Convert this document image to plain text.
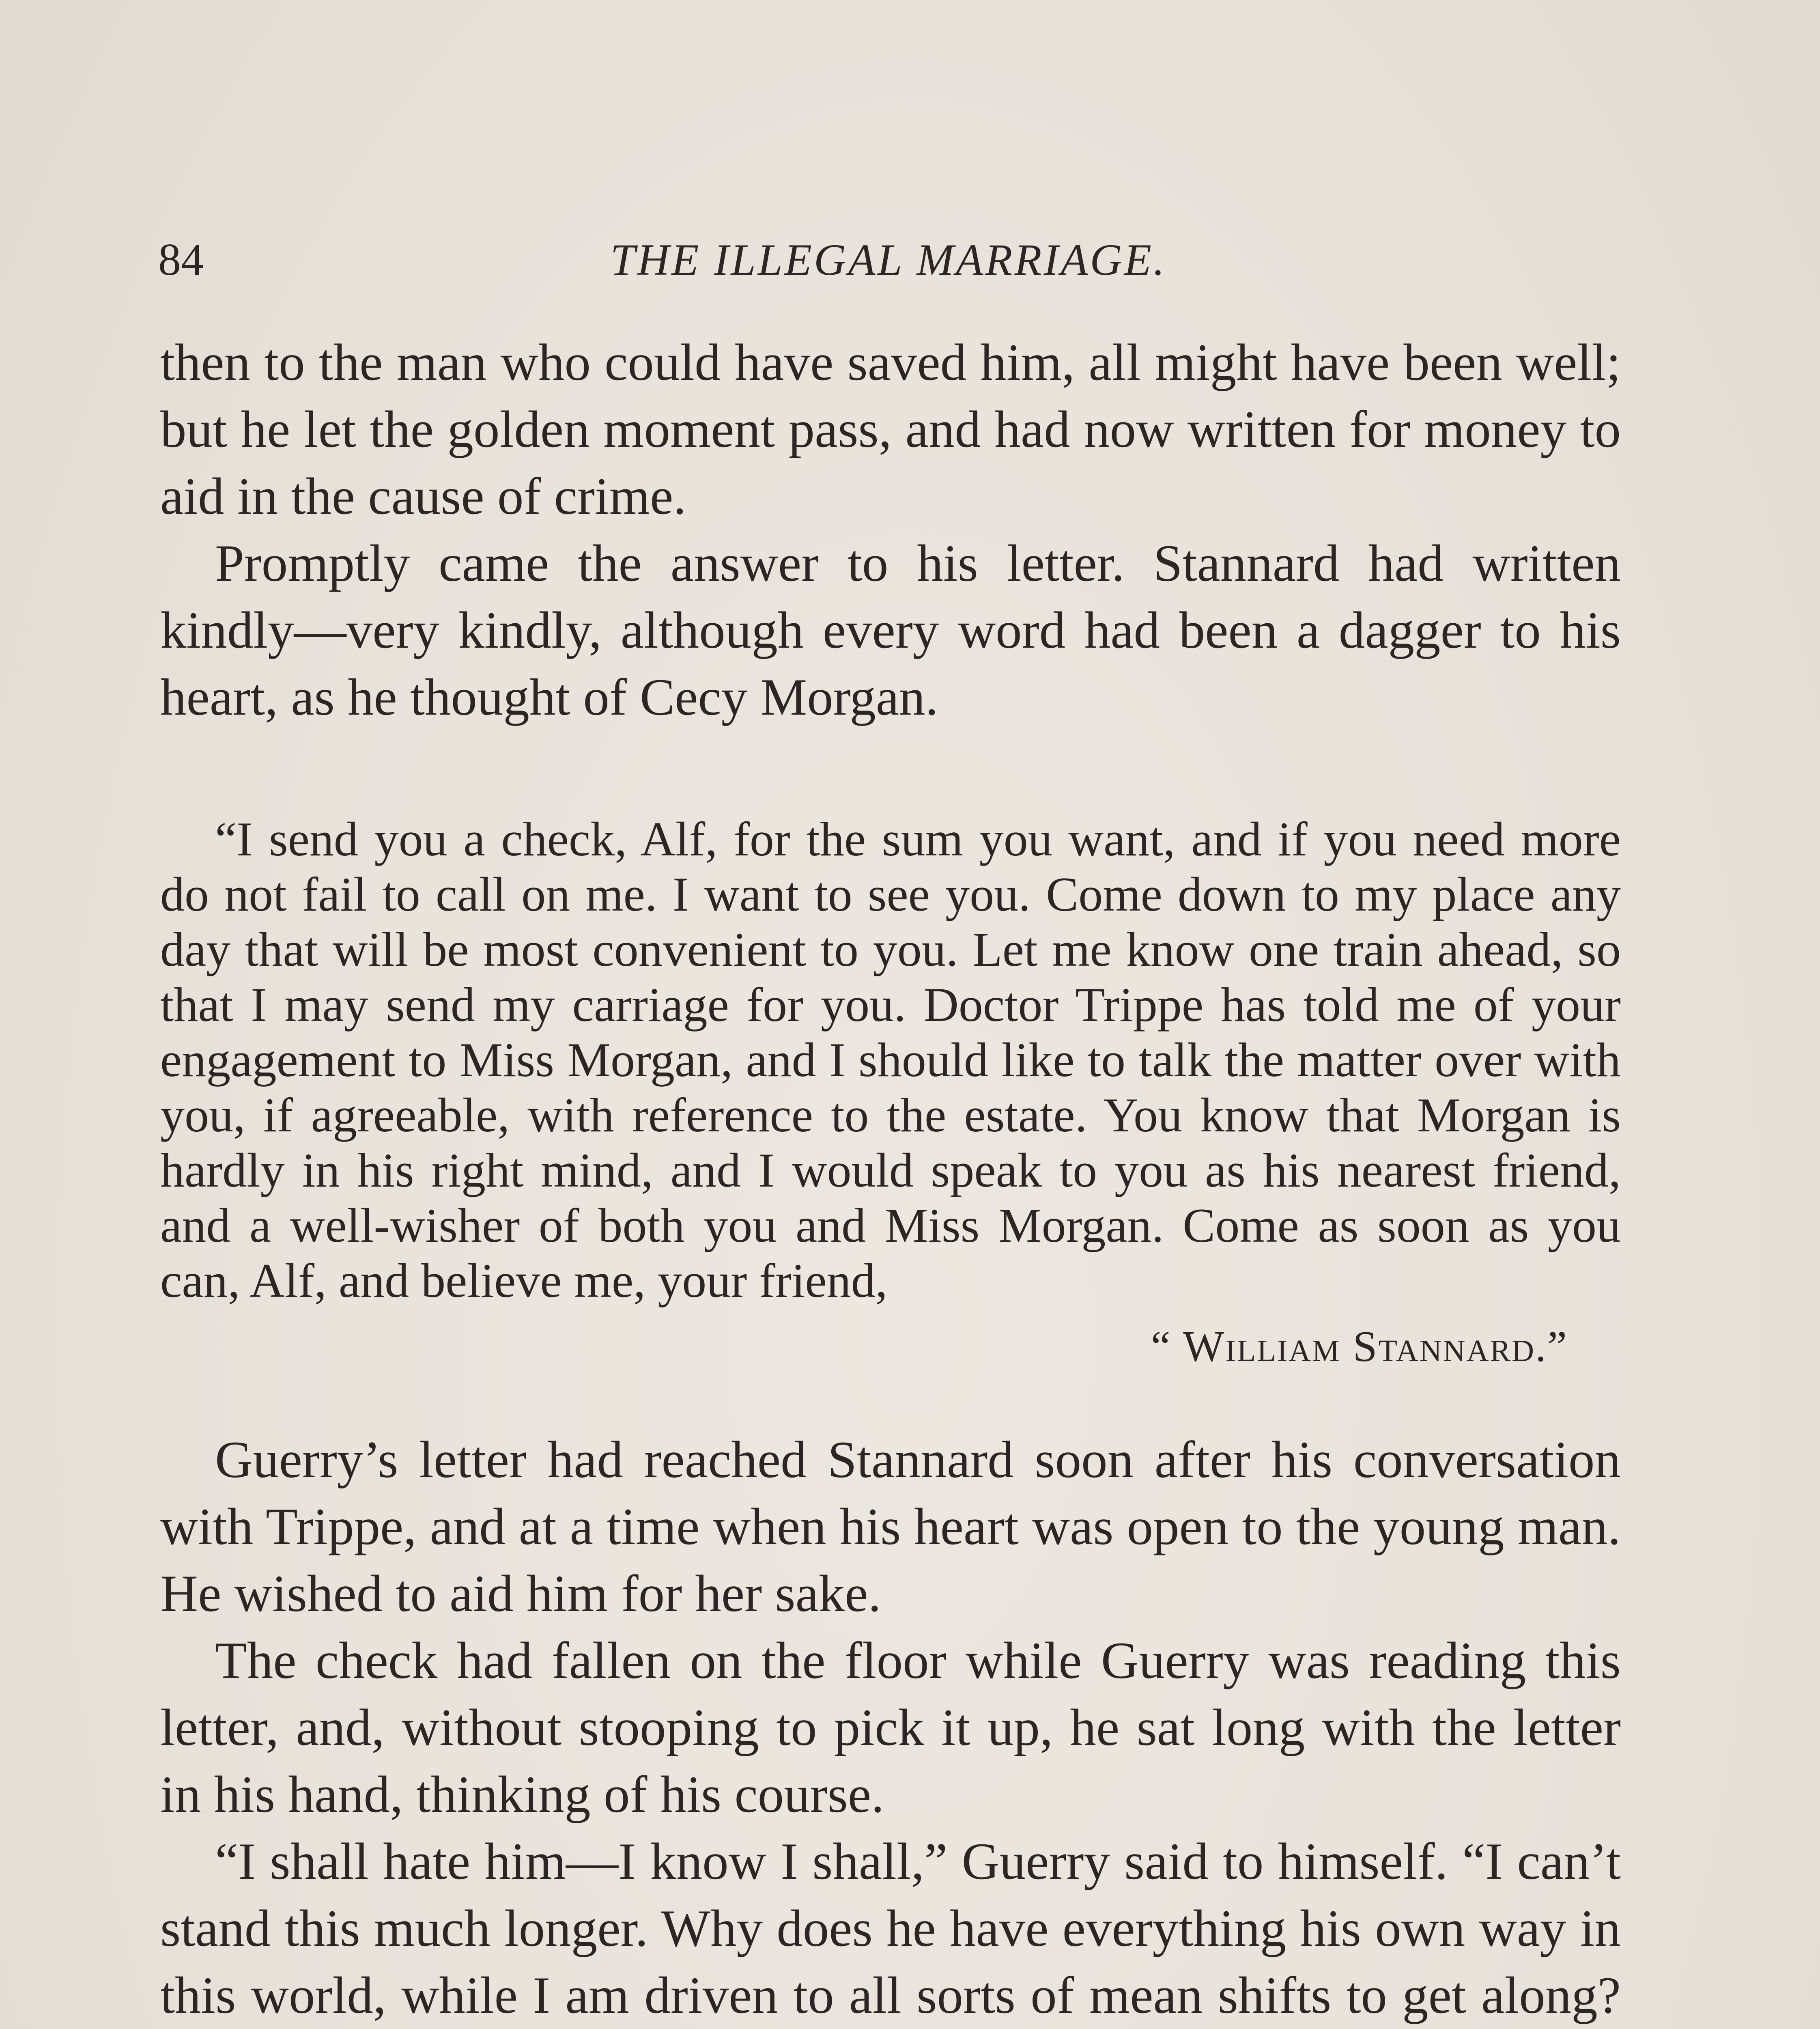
84	THE ILLEGAL MARRIAGE.

then to the man who could have saved him, all might have been well; but he let the golden moment pass, and had now written for money to aid in the cause of crime.

Promptly came the answer to his letter. Stannard had written kindly—very kindly, although every word had been a dagger to his heart, as he thought of Cecy Morgan.

“I send you a check, Alf, for the sum you want, and if you need more do not fail to call on me. I want to see you. Come down to my place any day that will be most convenient to you. Let me know one train ahead, so that I may send my carriage for you. Doctor Trippe has told me of your engagement to Miss Morgan, and I should like to talk the matter over with you, if agreeable, with reference to the estate. You know that Morgan is hardly in his right mind, and I would speak to you as his nearest friend, and a well-wisher of both you and Miss Morgan. Come as soon as you can, Alf, and believe me, your friend,

“ William Stannard.”

Guerry’s letter had reached Stannard soon after his conversation with Trippe, and at a time when his heart was open to the young man. He wished to aid him for her sake.

The check had fallen on the floor while Guerry was reading this letter, and, without stooping to pick it up, he sat long with the letter in his hand, thinking of his course.

“I shall hate him—I know I shall,” Guerry said to himself. “I can’t stand this much longer. Why does he have everything his own way in this world, while I am driven to all sorts of mean shifts to get along?
